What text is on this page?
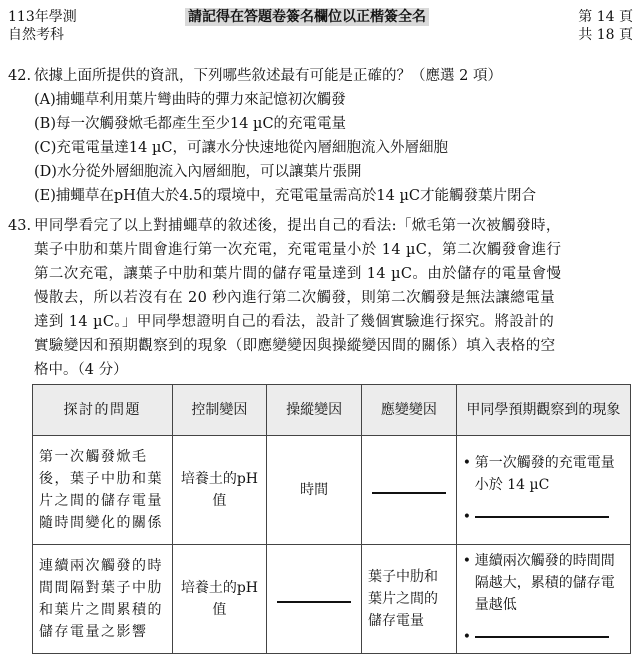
113年學測
自然考科
請記得在答題卷簽名欄位以正楷簽全名	第 14 頁
共 18 頁
42. 依據上面所提供的資訊，下列哪些敘述最有可能是正確的？（應選 2 項）
(A)捕蠅草利用葉片彎曲時的彈力來記憶初次觸發
(B)每一次觸發焮毛都產生至少14 µC的充電電量
(C)充電電量達14 µC，可讓水分快速地從內層細胞流入外層細胞
(D)水分從外層細胞流入內層細胞，可以讓葉片張開
(E)捕蠅草在pH值大於4.5的環境中，充電電量需高於14 µC才能觸發葉片閉合
43. 甲同學看完了以上對捕蠅草的敘述後，提出自己的看法:「焮毛第一次被觸發時，
葉子中肋和葉片間會進行第一次充電，充電電量小於 14 µC，第二次觸發會進行
第二次充電，讓葉子中肋和葉片間的儲存電量達到 14 µC。由於儲存的電量會慢
慢散去，所以若沒有在 20 秒內進行第二次觸發，則第二次觸發是無法讓總電量
達到 14 µC。」甲同學想證明自己的看法，設計了幾個實驗進行探究。將設計的
實驗變因和預期觀察到的現象（即應變變因與操縱變因間的關係）填入表格的空
格中。（4 分）
探討的問題	控制變因	操縱變因	應變變因	甲同學預期觀察到的現象
第一次觸發焮毛後，葉子中肋和葉片之間的儲存電量隨時間變化的關係	培養土的pH 值	時間		• 第一次觸發的充電電量小於 14 µC
•

連續兩次觸發的時間間隔對葉子中肋和葉片之間累積的儲存電量之影響	培養土的pH 值		葉子中肋和葉片之間的儲存電量	• 連續兩次觸發的時間間隔越大，累積的儲存電量越低
•
